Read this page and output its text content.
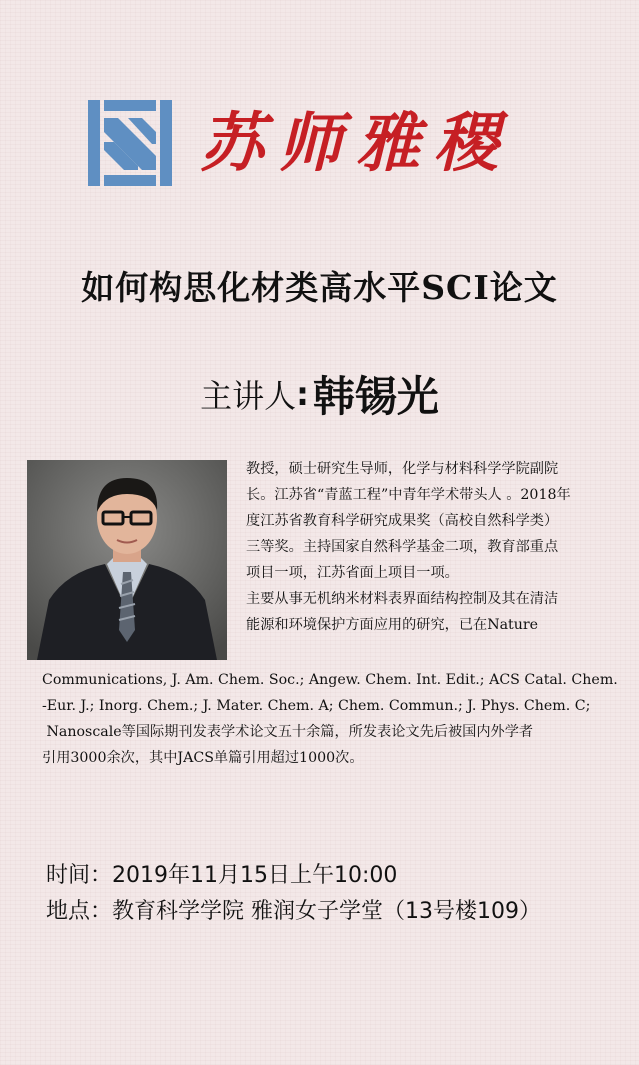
苏师雅稷
如何构思化材类高水平SCI论文
主讲人:韩锡光

教授，硕士研究生导师，化学与材料科学学院副院

长。江苏省“青蓝工程”中青年学术带头人 。2018年

度江苏省教育科学研究成果奖（高校自然科学类）

三等奖。主持国家自然科学基金二项，教育部重点

项目一项，江苏省面上项目一项。

主要从事无机纳米材料表界面结构控制及其在清洁

能源和环境保护方面应用的研究，已在Nature

Communications, J. Am. Chem. Soc.; Angew. Chem. Int. Edit.; ACS Catal. Chem.

-Eur. J.; Inorg. Chem.; J. Mater. Chem. A; Chem. Commun.; J. Phys. Chem. C;

Nanoscale等国际期刊发表学术论文五十余篇，所发表论文先后被国内外学者

引用3000余次，其中JACS单篇引用超过1000次。

时间：2019年11月15日上午10:00
地点：教育科学学院 雅润女子学堂（13号楼109）
